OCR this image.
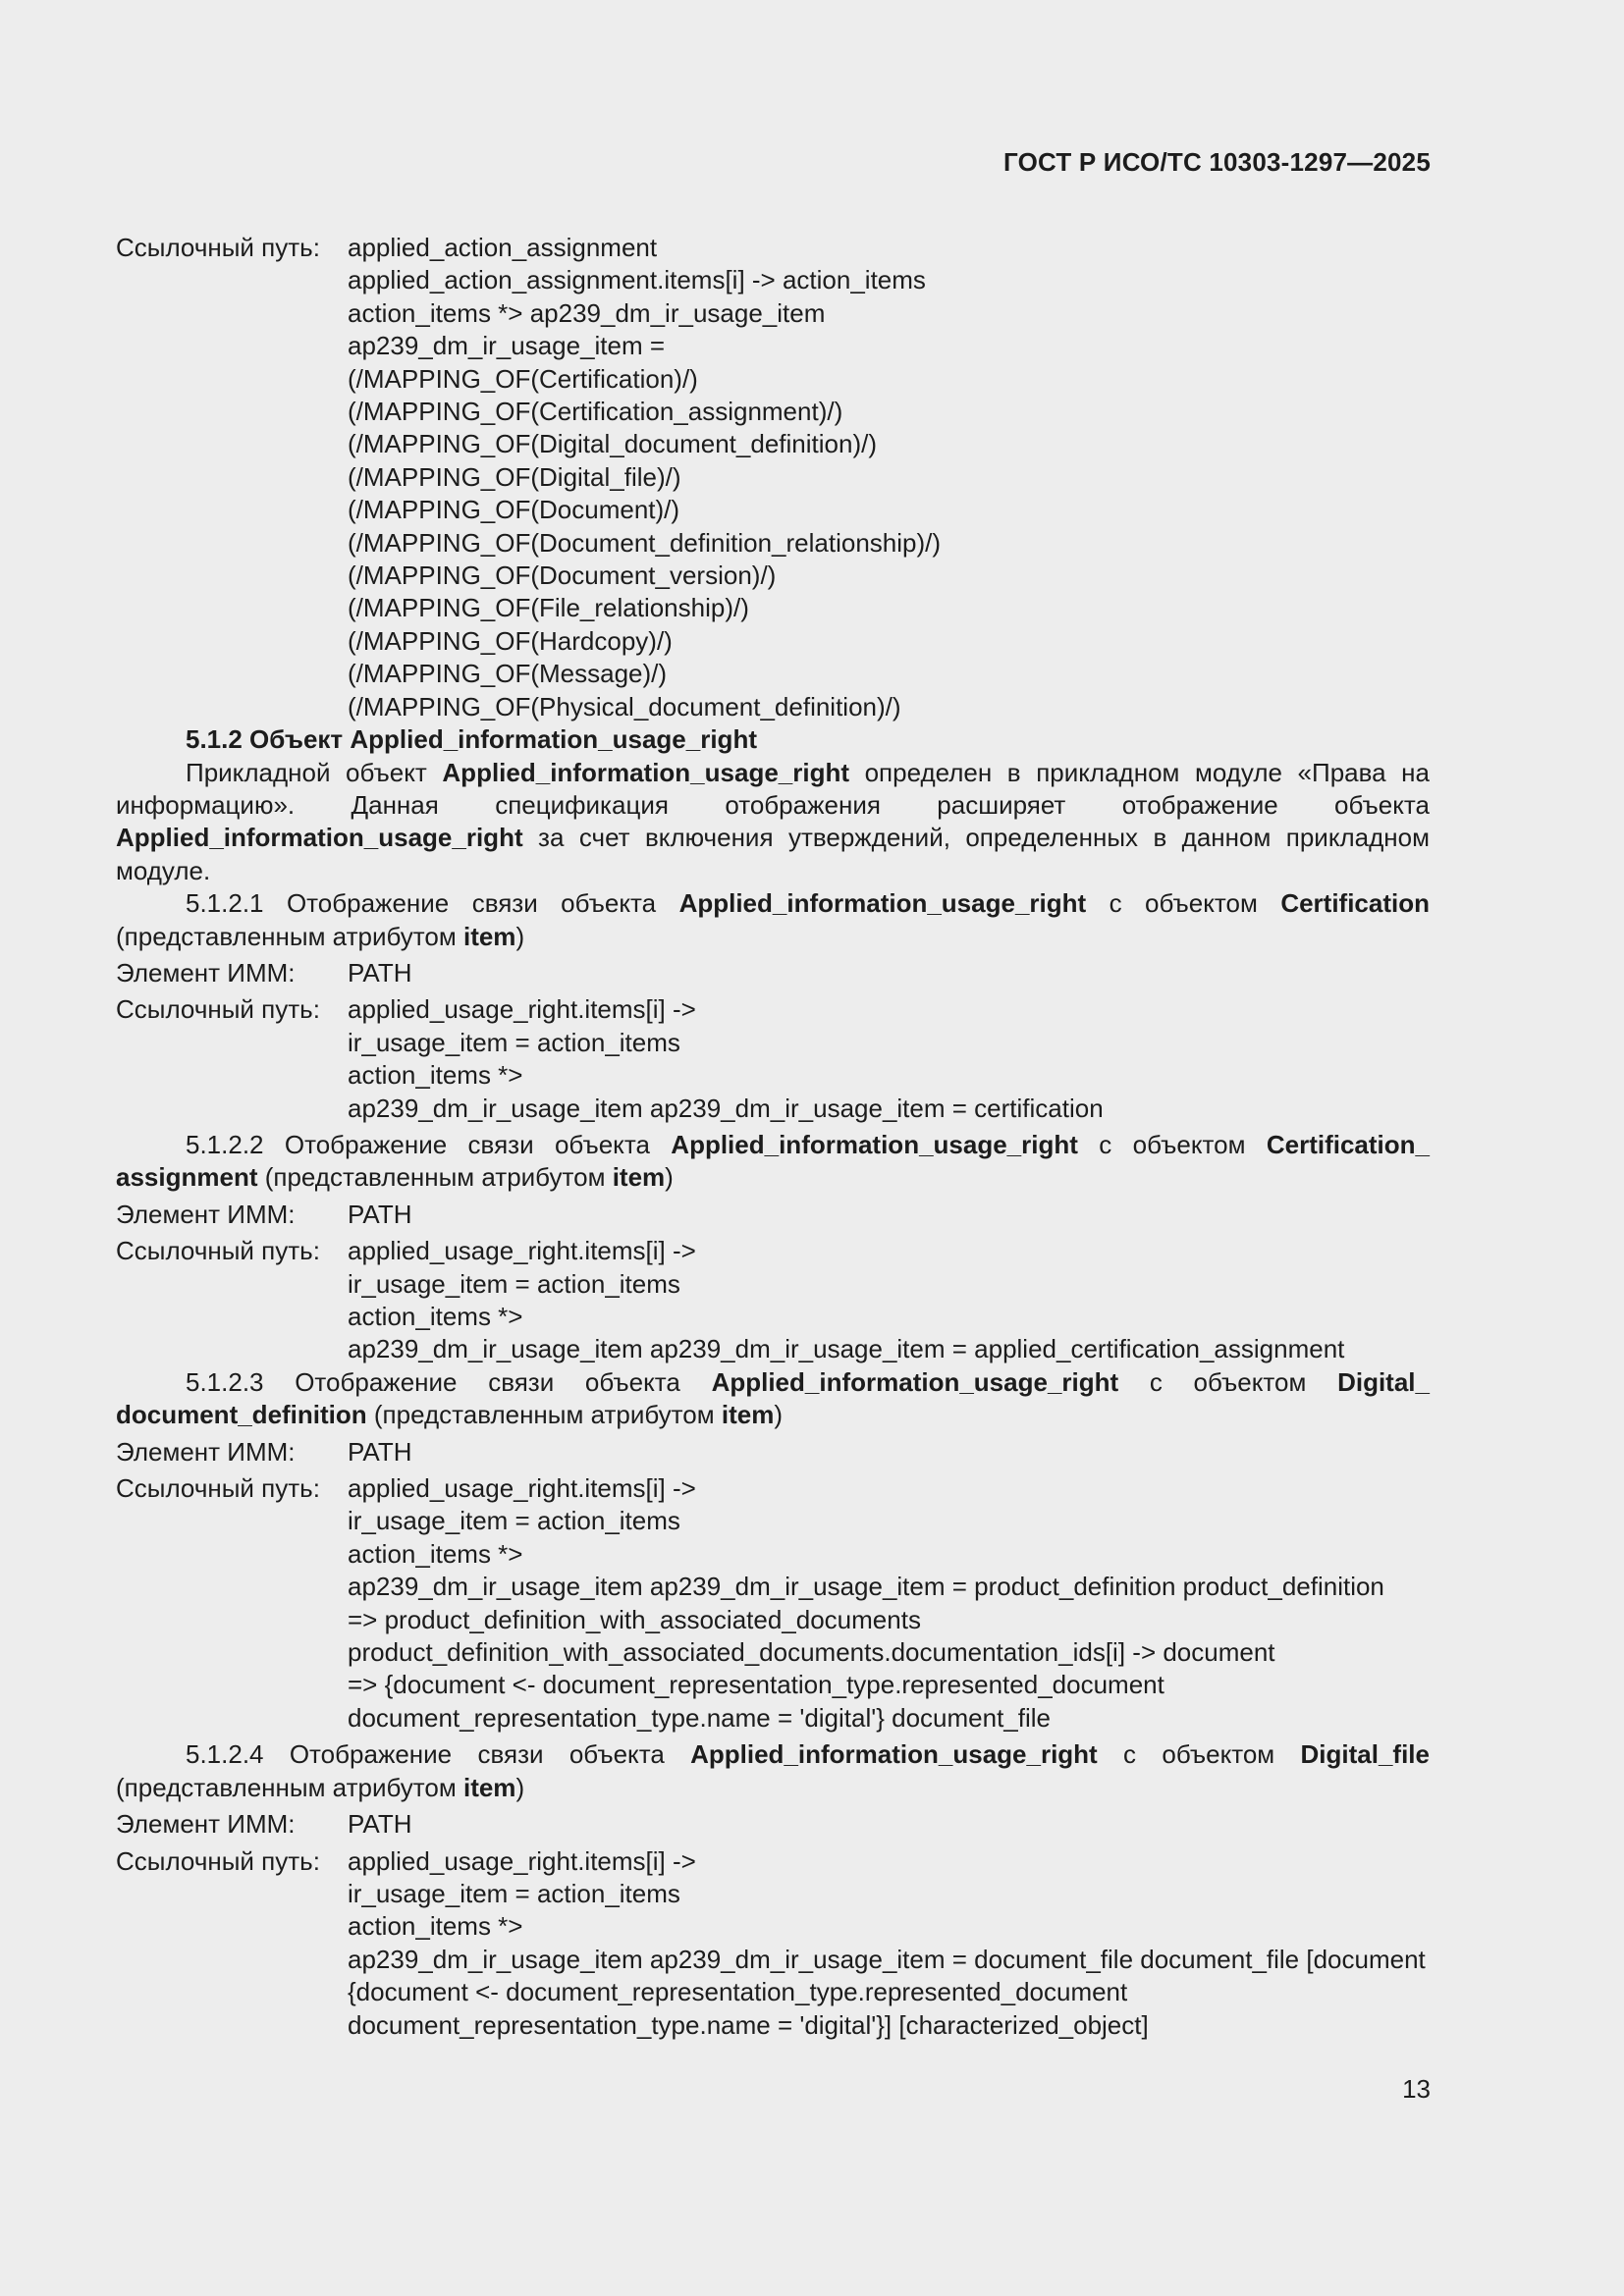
ГОСТ Р ИСО/ТС 10303-1297—2025
Ссылочный путь:	applied_action_assignment
applied_action_assignment.items[i] -> action_items
action_items *> ap239_dm_ir_usage_item
ap239_dm_ir_usage_item =
(/MAPPING_OF(Certification)/)
(/MAPPING_OF(Certification_assignment)/)
(/MAPPING_OF(Digital_document_definition)/)
(/MAPPING_OF(Digital_file)/)
(/MAPPING_OF(Document)/)
(/MAPPING_OF(Document_definition_relationship)/)
(/MAPPING_OF(Document_version)/)
(/MAPPING_OF(File_relationship)/)
(/MAPPING_OF(Hardcopy)/)
(/MAPPING_OF(Message)/)
(/MAPPING_OF(Physical_document_definition)/)
5.1.2 Объект Applied_information_usage_right
Прикладной объект Applied_information_usage_right определен в прикладном модуле «Права на информацию». Данная спецификация отображения расширяет отображение объекта Applied_information_usage_right за счет включения утверждений, определенных в данном прикладном модуле.
5.1.2.1 Отображение связи объекта Applied_information_usage_right с объектом Certification (представленным атрибутом item)
Элемент ИММ:	PATH
Ссылочный путь:	applied_usage_right.items[i] ->
ir_usage_item = action_items
action_items *>
ap239_dm_ir_usage_item ap239_dm_ir_usage_item = certification
5.1.2.2 Отображение связи объекта Applied_information_usage_right с объектом Certification_ assignment (представленным атрибутом item)
Элемент ИММ:	PATH
Ссылочный путь:	applied_usage_right.items[i] ->
ir_usage_item = action_items
action_items *>
ap239_dm_ir_usage_item ap239_dm_ir_usage_item = applied_certification_assignment
5.1.2.3 Отображение связи объекта Applied_information_usage_right с объектом Digital_ document_definition (представленным атрибутом item)
Элемент ИММ:	PATH
Ссылочный путь:	applied_usage_right.items[i] ->
ir_usage_item = action_items
action_items *>
ap239_dm_ir_usage_item ap239_dm_ir_usage_item = product_definition product_definition
=> product_definition_with_associated_documents
product_definition_with_associated_documents.documentation_ids[i] -> document
=> {document <- document_representation_type.represented_document
document_representation_type.name = 'digital'} document_file
5.1.2.4 Отображение связи объекта Applied_information_usage_right с объектом Digital_file (представленным атрибутом item)
Элемент ИММ:	PATH
Ссылочный путь:	applied_usage_right.items[i] ->
ir_usage_item = action_items
action_items *>
ap239_dm_ir_usage_item ap239_dm_ir_usage_item = document_file document_file [document
{document <- document_representation_type.represented_document
document_representation_type.name = 'digital'}] [characterized_object]
13
